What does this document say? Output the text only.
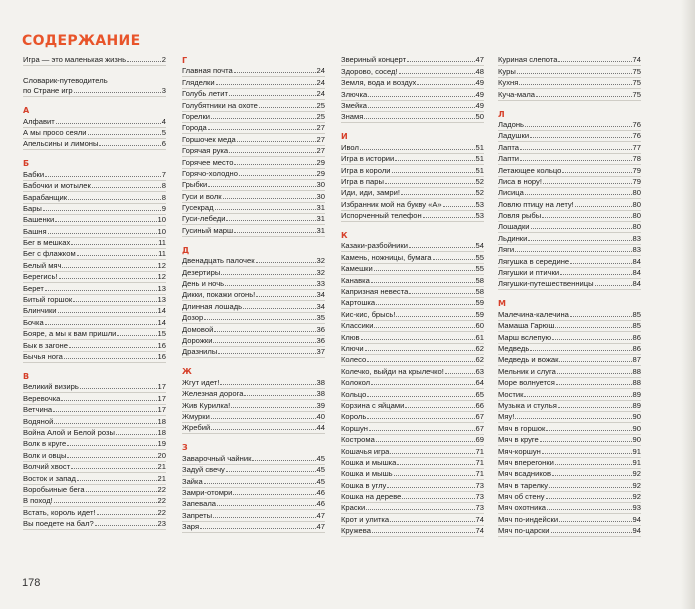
СОДЕРЖАНИЕ
Игра — это маленькая жизнь	2
Словарик-путеводитель
по Стране игр	3
А
Алфавит	4
А мы просо сеяли	5
Апельсины и лимоны	6
Б
Бабки	7
Бабочки и мотылек	8
Барабанщик	8
Бары	9
Башенки	10
Башня	10
Бег в мешках	11
Бег с флажком	11
Белый мяч	12
Берегись!	12
Берет	13
Битый горшок	13
Блинчики	14
Бочка	14
Бояре, а мы к вам пришли	15
Бык в загоне	16
Бычья нога	16
В
Великий визирь	17
Веревочка	17
Ветчина	17
Водяной	18
Война Алой и Белой розы	18
Волк в круге	19
Волк и овцы	20
Волчий хвост	21
Восток и запад	21
Воробьиные бега	22
В поход!	22
Встать, король идет!	22
Вы поедете на бал?	23
Г
Главная почта	24
Гляделки	24
Голубь летит	24
Голубятники на охоте	25
Горелки	25
Города	27
Горшочек меда	27
Горячая рука	27
Горячее место	29
Горячо-холодно	29
Грыбки	30
Гуси и волк	30
Гусекрад	31
Гуси-лебеди	31
Гусиный марш	31
Д
Двенадцать палочек	32
Дезертиры	32
День и ночь	33
Дикки, покажи огонь!	34
Длинная лошадь	34
Дозор	35
Домовой	36
Дорожки	36
Дразнилы	37
Ж
Жгут идет!	38
Железная дорога	38
Жив Курилка!	39
Жмурки	40
Жребий	44
З
Заварочный чайник	45
Задуй свечу	45
Зайка	45
Замри-отомри	46
Запевала	46
Запреты	47
Заря	47
Звериный концерт	47
Здорово, сосед!	48
Земля, вода и воздух	49
Злючка	49
Змейка	49
Знамя	50
И
Ивол	51
Игра в истории	51
Игра в короли	51
Игра в пары	52
Иди, иди, замри!	52
Избранник мой на букву «А»	53
Испорченный телефон	53
К
Казаки-разбойники	54
Камень, ножницы, бумага	55
Камешки	55
Канавка	58
Капризная невеста	58
Картошка	59
Кис-кис, брысь!	59
Классики	60
Клюв	61
Ключи	62
Колесо	62
Колечко, выйди на крылечко!	63
Колокол	64
Кольцо	65
Корзина с яйцами	66
Король	67
Коршун	67
Кострома	69
Кошачья игра	71
Кошка и мышка	71
Кошка и мышь	71
Кошка в углу	73
Кошка на дереве	73
Краски	73
Крот и улитка	74
Кружева	74
Куриная слепота	74
Куры	75
Кухня	75
Куча-мала	75
Л
Ладонь	76
Ладушки	76
Лапта	77
Лапти	78
Летающее кольцо	79
Лиса в нору!	79
Лисица	80
Ловлю птицу на лету!	80
Ловля рыбы	80
Лошадки	80
Льдинки	83
Ляги	83
Лягушка в середине	84
Лягушки и птички	84
Лягушки-путешественницы	84
М
Малечина-калечина	85
Мамаша Гарюш	85
Марш вслепую	86
Медведь	86
Медведь и вожак	87
Мельник и слуга	88
Море волнуется	88
Мостик	89
Музыка и стулья	89
Мяу!	90
Мяч в горшок	90
Мяч в круге	90
Мяч-коршун	91
Мяч вперегонки	91
Мяч всадников	92
Мяч в тарелку	92
Мяч об стену	92
Мяч охотника	93
Мяч по-индейски	94
Мяч по-царски	94
178
